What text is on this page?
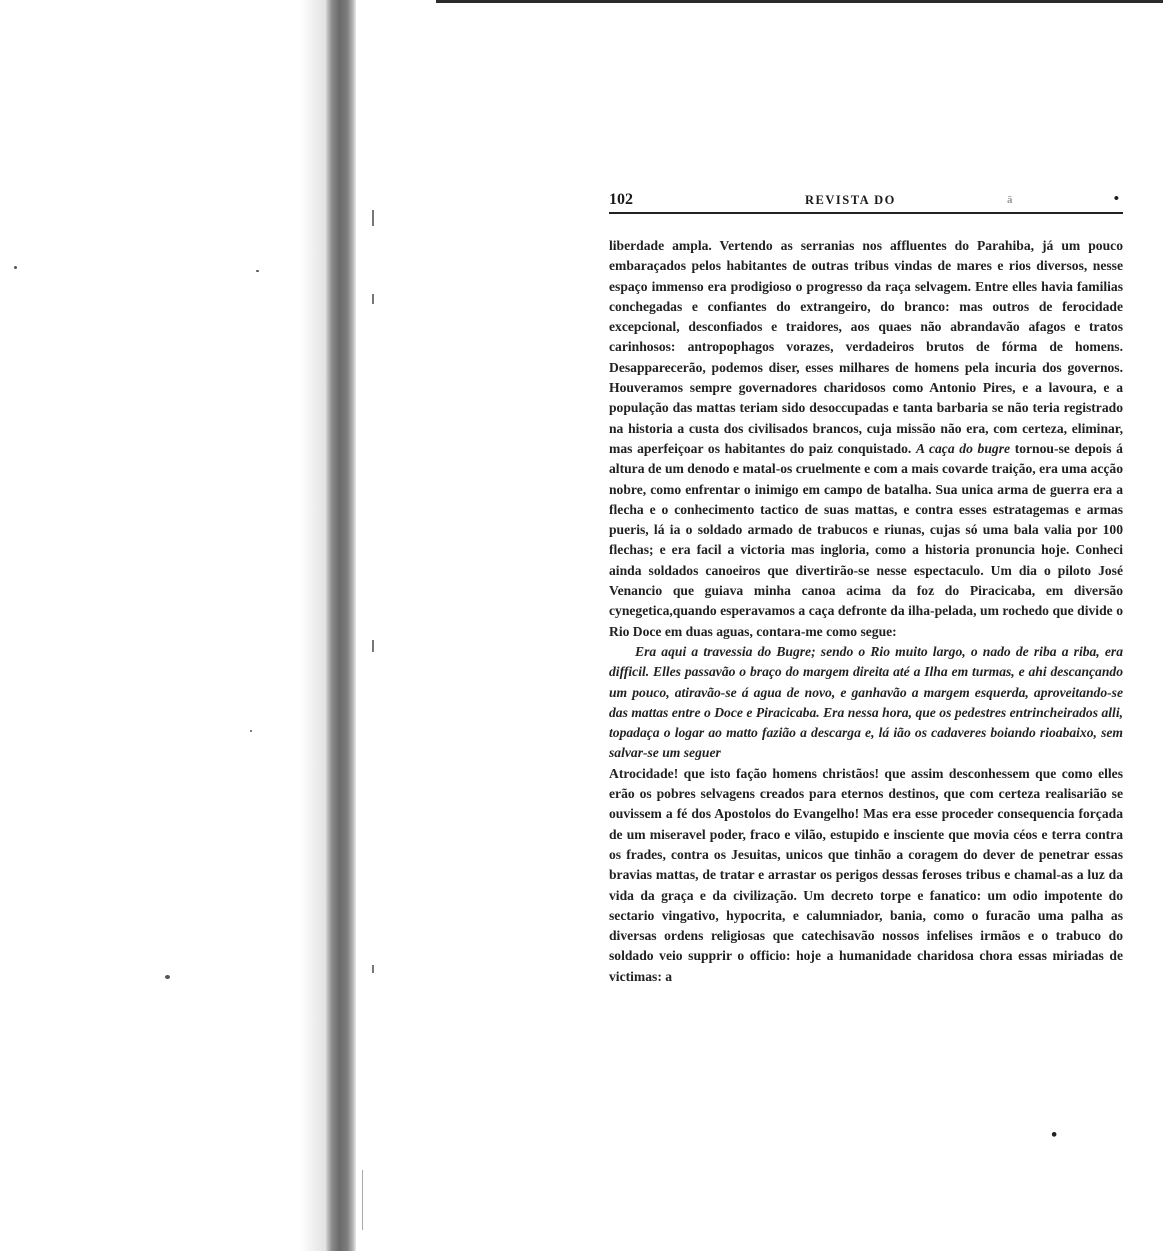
102	REVISTA DO	ā	•

liberdade ampla. Vertendo as serranias nos affluentes do Parahiba, já um pouco embaraçados pelos habitantes de outras tribus vindas de mares e rios diversos, nesse espaço immenso era prodigioso o progresso da raça selvagem. Entre elles havia familias conchegadas e confiantes do extrangeiro, do branco: mas outros de ferocidade excepcional, desconfiados e traidores, aos quaes não abrandavão afagos e tratos carinhosos: antropophagos vorazes, verdadeiros brutos de fórma de homens. Desapparecerão, podemos diser, esses milhares de homens pela incuria dos governos. Houveramos sempre governadores charidosos como Antonio Pires, e a lavoura, e a população das mattas teriam sido desoccupadas e tanta barbaria se não teria registrado na historia a custa dos civilisados brancos, cuja missão não era, com certeza, eliminar, mas aperfeiçoar os habitantes do paiz conquistado. A caça do bugre tornou-se depois á altura de um denodo e matal-os cruelmente e com a mais covarde traição, era uma acção nobre, como enfrentar o inimigo em campo de batalha. Sua unica arma de guerra era a flecha e o conhecimento tactico de suas mattas, e contra esses estratagemas e armas pueris, lá ia o soldado armado de trabucos e riunas, cujas só uma bala valia por 100 flechas; e era facil a victoria mas ingloria, como a historia pronuncia hoje. Conheci ainda soldados canoeiros que divertirão-se nesse espectaculo. Um dia o piloto José Venancio que guiava minha canoa acima da foz do Piracicaba, em diversão cynegetica,quando esperavamos a caça defronte da ilha-pelada, um rochedo que divide o Rio Doce em duas aguas, contara-me como segue:

Era aqui a travessia do Bugre; sendo o Rio muito largo, o nado de riba a riba, era difficil. Elles passavão o braço do margem direita até a Ilha em turmas, e ahi descançando um pouco, atiravão-se á agua de novo, e ganhavão a margem esquerda, aproveitando-se das mattas entre o Doce e Piracicaba. Era nessa hora, que os pedestres entrincheirados alli, topadaça o logar ao matto fazião a descarga e, lá ião os cadaveres boiando rioabaixo, sem salvar-se um seguer

Atrocidade! que isto fação homens christãos! que assim desconhessem que como elles erão os pobres selvagens creados para eternos destinos, que com certeza realisarião se ouvissem a fé dos Apostolos do Evangelho! Mas era esse proceder consequencia forçada de um miseravel poder, fraco e vilão, estupido e insciente que movia céos e terra contra os frades, contra os Jesuitas, unicos que tinhão a coragem do dever de penetrar essas bravias mattas, de tratar e arrastar os perigos dessas feroses tribus e chamal-as a luz da vida da graça e da civilização. Um decreto torpe e fanatico: um odio impotente do sectario vingativo, hypocrita, e calumniador, bania, como o furacão uma palha as diversas ordens religiosas que catechisavão nossos infelises irmãos e o trabuco do soldado veio supprir o officio: hoje a humanidade charidosa chora essas miriadas de victimas: a

•
